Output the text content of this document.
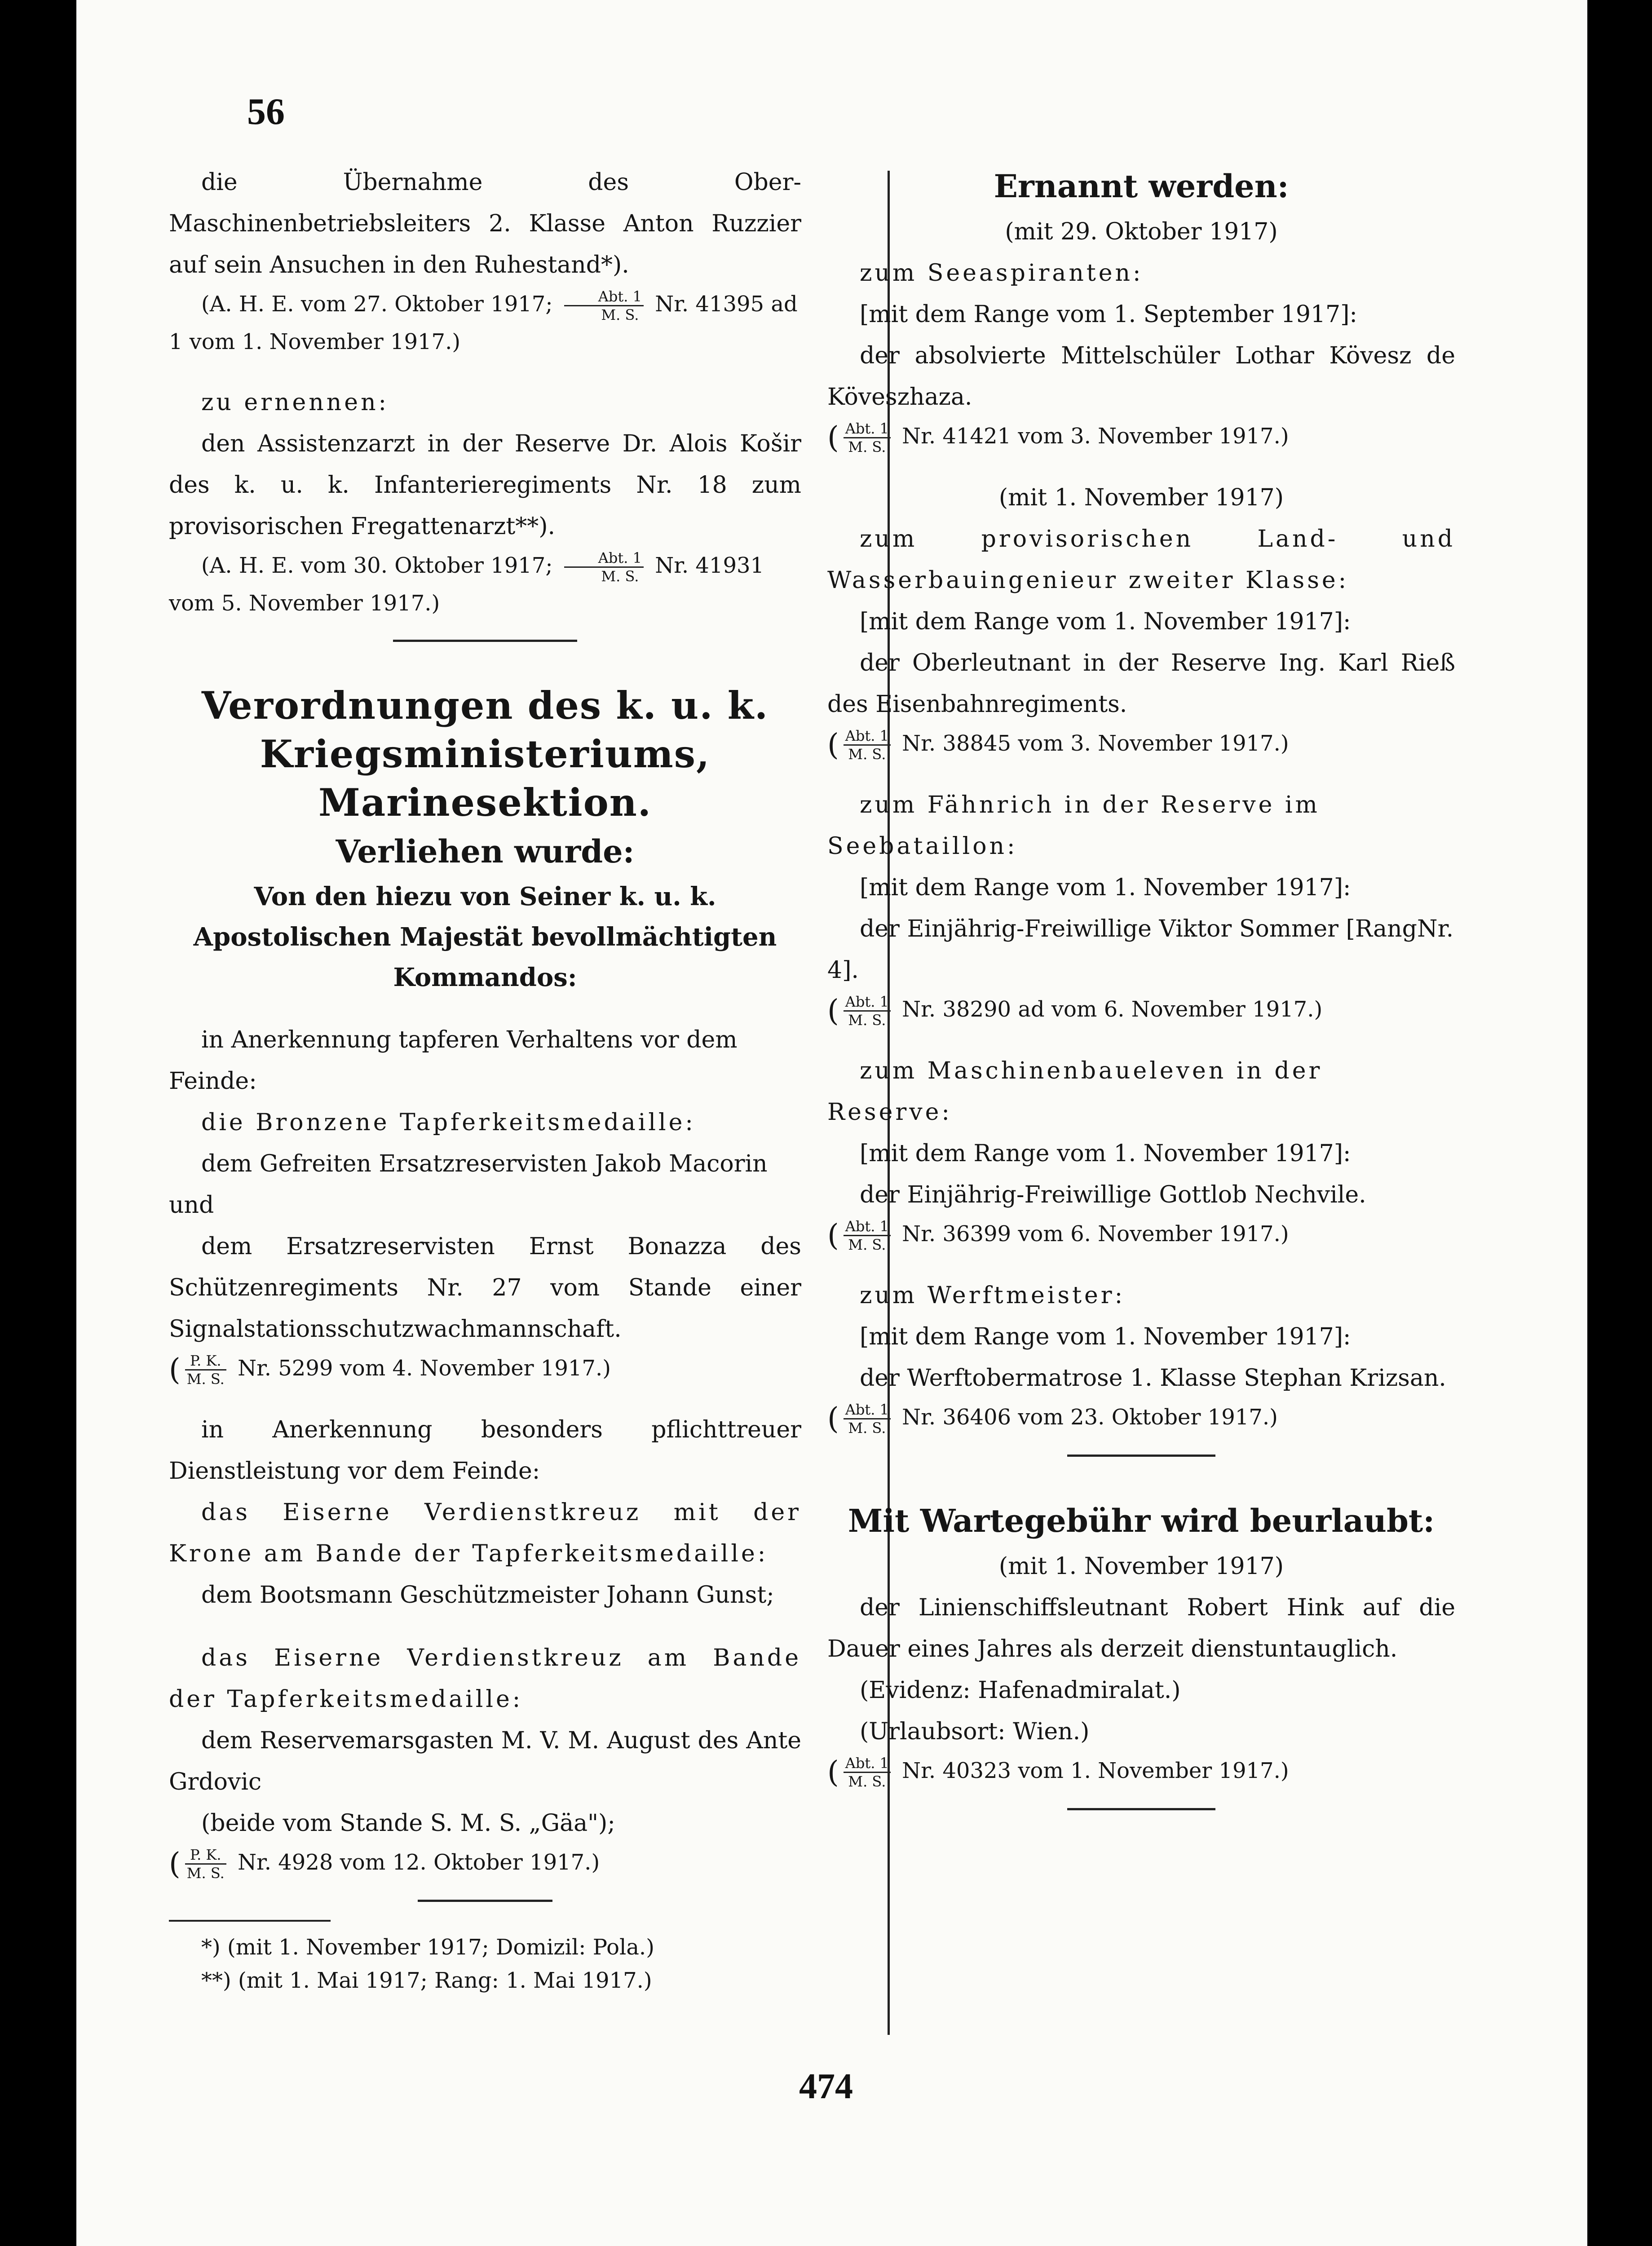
56

die Übernahme des Ober-Maschinenbetriebsleiters 2. Klasse Anton Ruzzier auf sein Ansuchen in den Ruhestand*).

(A. H. E. vom 27. Oktober 1917; $\frac{\text{Abt. 1}}{M. S.} Nr$. 41395 ad 1 vom 1. November 1917.)

zu ernennen:

den Assistenzarzt in der Reserve Dr. Alois Košir des k. u. k. Infanterieregiments Nr. 18 zum provisorischen Fregattenarzt**).

(A. H. E. vom 30. Oktober 1917; $\frac{\text{Abt. 1}}{M. S.} Nr$. 41931 vom 5. November 1917.)

Verordnungen des k. u. k. Kriegsministeriums, Marinesektion.

Verliehen wurde:

Von den hiezu von Seiner k. u. k. Apostolischen Majestät bevollmächtigten Kommandos:

in Anerkennung tapferen Verhaltens vor dem Feinde:

die Bronzene Tapferkeitsmedaille:

dem Gefreiten Ersatzreservisten Jakob Macorin und

dem Ersatzreservisten Ernst Bonazza des Schützenregiments Nr. 27 vom Stande einer Signalstationsschutzwachmannschaft.

( $\frac{P. K.}{M. S.} Nr$. 5299 vom 4. November 1917.)

in Anerkennung besonders pflichttreuer Dienstleistung vor dem Feinde:

das Eiserne Verdienstkreuz mit der Krone am Bande der Tapferkeitsmedaille:

dem Bootsmann Geschützmeister Johann Gunst;

das Eiserne Verdienstkreuz am Bande der Tapferkeitsmedaille:

dem Reservemarsgasten M. V. M. August des Ante Grdovic

(beide vom Stande S. M. S. „Gäa");

( $\frac{P. K.}{M. S.} Nr$. 4928 vom 12. Oktober 1917.)

*) (mit 1. November 1917; Domizil: Pola.)

**) (mit 1. Mai 1917; Rang: 1. Mai 1917.)

Ernannt werden:

(mit 29. Oktober 1917)

zum Seeaspiranten:

[mit dem Range vom 1. September 1917]:

der absolvierte Mittelschüler Lothar Kövesz de Köveszhaza.

( $\frac{\text{Abt. 1}}{M. S.} Nr$. 41421 vom 3. November 1917.)

(mit 1. November 1917)

zum provisorischen Land- und Wasserbauingenieur zweiter Klasse:

[mit dem Range vom 1. November 1917]:

der Oberleutnant in der Reserve Ing. Karl Rieß des Eisenbahnregiments.

( $\frac{\text{Abt. 1}}{M. S.} Nr$. 38845 vom 3. November 1917.)

zum Fähnrich in der Reserve im Seebataillon:

[mit dem Range vom 1. November 1917]:

der Einjährig-Freiwillige Viktor Sommer [RangNr. 4].

( $\frac{\text{Abt. 1}}{M. S.} Nr$. 38290 ad vom 6. November 1917.)

zum Maschinenbaueleven in der Reserve:

[mit dem Range vom 1. November 1917]:

der Einjährig-Freiwillige Gottlob Nechvile.

( $\frac{\text{Abt. 1}}{M. S.} Nr$. 36399 vom 6. November 1917.)

zum Werftmeister:

[mit dem Range vom 1. November 1917]:

der Werftobermatrose 1. Klasse Stephan Krizsan.

( $\frac{\text{Abt. 1}}{M. S.} Nr$. 36406 vom 23. Oktober 1917.)

Mit Wartegebühr wird beurlaubt:

(mit 1. November 1917)

der Linienschiffsleutnant Robert Hink auf die Dauer eines Jahres als derzeit dienstuntauglich.

(Evidenz: Hafenadmiralat.)

(Urlaubsort: Wien.)

( $\frac{\text{Abt. 1}}{M. S.} Nr$. 40323 vom 1. November 1917.)

474
